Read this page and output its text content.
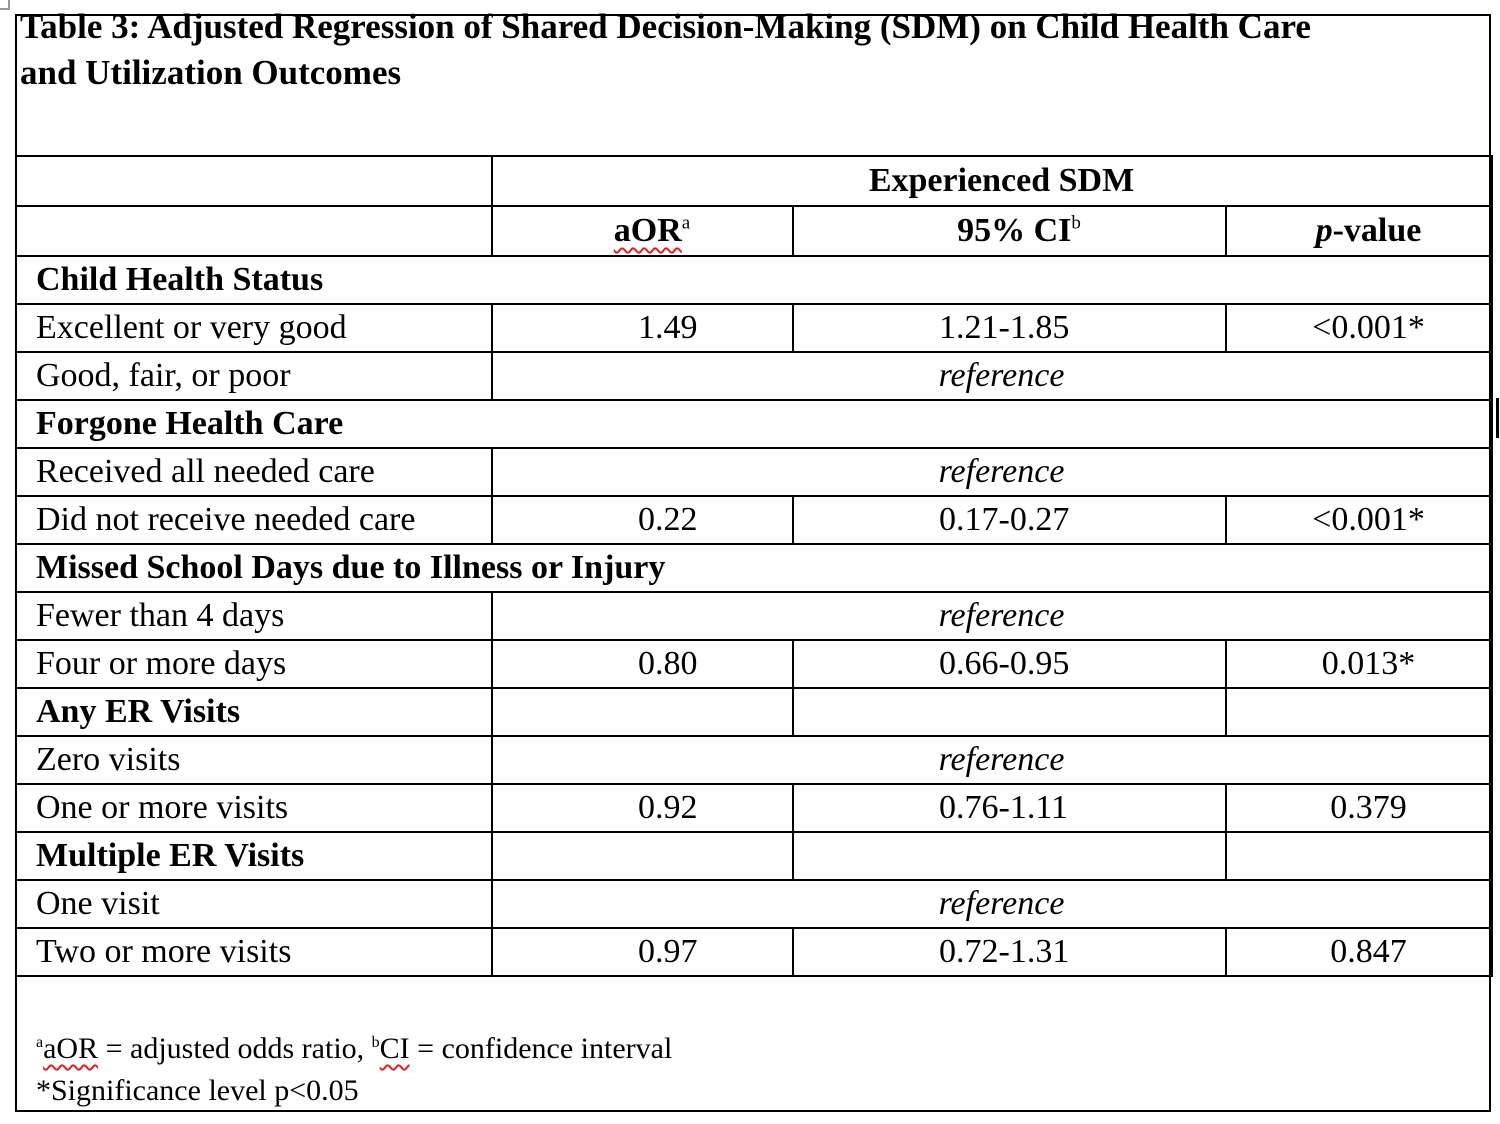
Table 3: Adjusted Regression of Shared Decision-Making (SDM) on Child Health Care
and Utilization Outcomes
	Experienced SDM		
	aOR$^a$	95% $CI^b$	p-value
Child Health Status			
Excellent or very good	1.49	1.21-1.85	<0.001*
Good, fair, or poor	reference		
Forgone Health Care			
Received all needed care	reference		
Did not receive needed care	0.22	0.17-0.27	<0.001*
Missed School Days due to Illness or Injury			
Fewer than 4 days	reference		
Four or more days	0.80	0.66-0.95	0.013*
Any ER Visits			
Zero visits	reference		
One or more visits	0.92	0.76-1.11	0.379
Multiple ER Visits			
One visit	reference		
Two or more visits	0.97	0.72-1.31	0.847
$^a$aOR = adjusted odds ratio, $^b$CI = confidence interval
*Significance level p<0.05
